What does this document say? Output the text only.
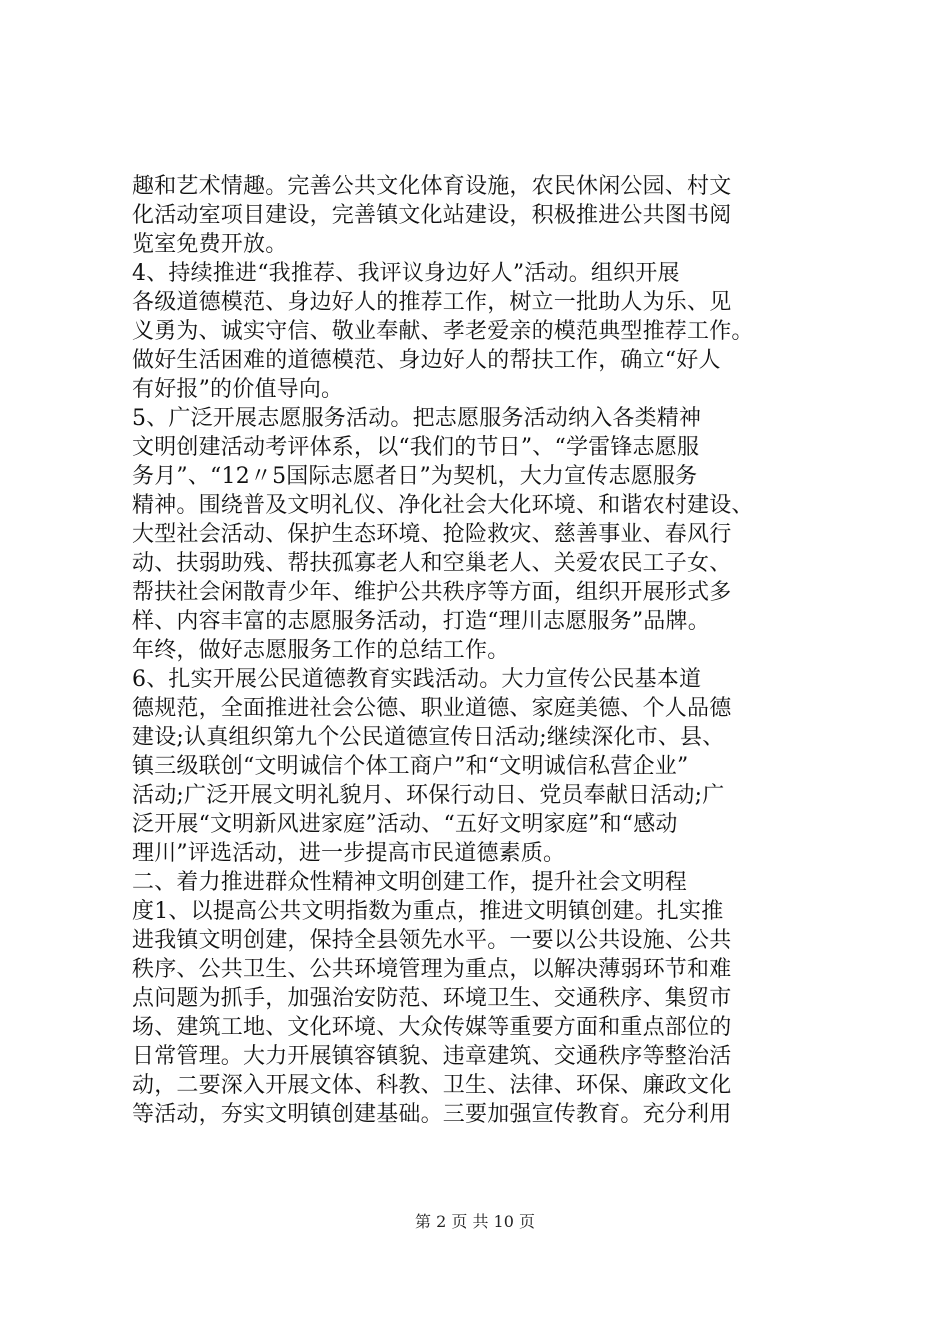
趣和艺术情趣。完善公共文化体育设施，农民休闲公园、村文
化活动室项目建设，完善镇文化站建设，积极推进公共图书阅
览室免费开放。
4、持续推进“我推荐、我评议身边好人”活动。组织开展
各级道德模范、身边好人的推荐工作，树立一批助人为乐、见
义勇为、诚实守信、敬业奉献、孝老爱亲的模范典型推荐工作。
做好生活困难的道德模范、身边好人的帮扶工作，确立“好人
有好报”的价值导向。
5、广泛开展志愿服务活动。把志愿服务活动纳入各类精神
文明创建活动考评体系，以“我们的节日”、“学雷锋志愿服
务月”、“12〃5国际志愿者日”为契机，大力宣传志愿服务
精神。围绕普及文明礼仪、净化社会大化环境、和谐农村建设、
大型社会活动、保护生态环境、抢险救灾、慈善事业、春风行
动、扶弱助残、帮扶孤寡老人和空巢老人、关爱农民工子女、
帮扶社会闲散青少年、维护公共秩序等方面，组织开展形式多
样、内容丰富的志愿服务活动，打造“理川志愿服务”品牌。
年终，做好志愿服务工作的总结工作。
6、扎实开展公民道德教育实践活动。大力宣传公民基本道
德规范，全面推进社会公德、职业道德、家庭美德、个人品德
建设;认真组织第九个公民道德宣传日活动;继续深化市、县、
镇三级联创“文明诚信个体工商户”和“文明诚信私营企业”
活动;广泛开展文明礼貌月、环保行动日、党员奉献日活动;广
泛开展“文明新风进家庭”活动、“五好文明家庭”和“感动
理川”评选活动，进一步提高市民道德素质。
二、着力推进群众性精神文明创建工作，提升社会文明程
度1、以提高公共文明指数为重点，推进文明镇创建。扎实推
进我镇文明创建，保持全县领先水平。一要以公共设施、公共
秩序、公共卫生、公共环境管理为重点，以解决薄弱环节和难
点问题为抓手，加强治安防范、环境卫生、交通秩序、集贸市
场、建筑工地、文化环境、大众传媒等重要方面和重点部位的
日常管理。大力开展镇容镇貌、违章建筑、交通秩序等整治活
动，二要深入开展文体、科教、卫生、法律、环保、廉政文化
等活动，夯实文明镇创建基础。三要加强宣传教育。充分利用
第 2 页 共 10 页
